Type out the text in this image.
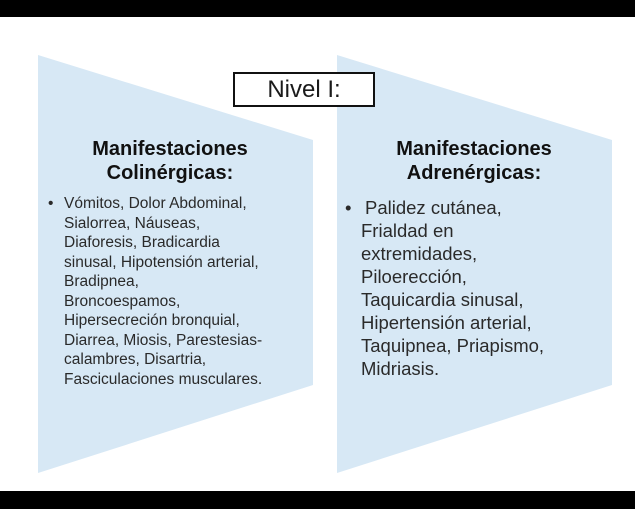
Nivel I:
Manifestaciones
Colinérgicas:
Manifestaciones
Adrenérgicas:
• Vómitos, Dolor Abdominal,
Sialorrea, Náuseas,
Diaforesis, Bradicardia
sinusal, Hipotensión arterial,
Bradipnea,
Broncoespamos,
Hipersecreción bronquial,
Diarrea, Miosis, Parestesias-
calambres, Disartria,
Fasciculaciones musculares.
• Palidez cutánea,
Frialdad en
extremidades,
Piloerección,
Taquicardia sinusal,
Hipertensión arterial,
Taquipnea, Priapismo,
Midriasis.
